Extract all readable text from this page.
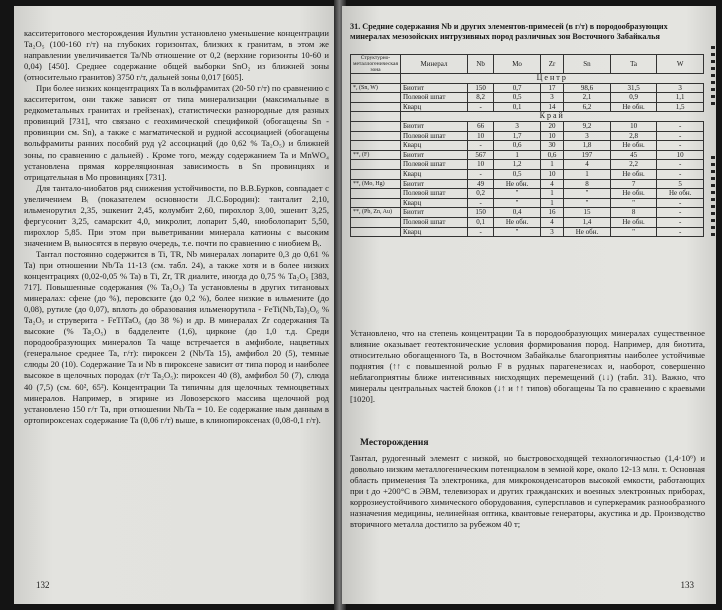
касситеритового месторождения Иультин установлено уменьшение концентрации Ta₂O₅ (100-160 г/т) на глубоких горизонтах, близких к гранитам, в этом же направлении увеличивается Ta/Nb отношение от 0,2 (верхние горизонты 10-60 и 0,04) [450]. Среднее содержание общей выборки SnO₂ из ближней зоны (относительно гранитов) 3750 г/т, дальней зоны 0,017 [605].

При более низких концентрациях Ta в вольфрамитах (20-50 г/т) по сравнению с касситеритом, они также зависят от типа минерализации (максимальные в редкометальных гранитах и грейзенах), статистически разнородные для разных провинций [731], что связано с геохимической спецификой (обогащены Sn - провинции см. Sn), а также с магматической и рудной ассоциацией (обогащены вольфрамиты ранних пособий руд γ2 ассоциаций (до 0,62 % Ta₂O₅) и ближней зоны, по сравнению с дальней) . Кроме того, между содержанием Ta и MnWO₄ установлена прямая корреляционная зависимость в Sn провинциях и отрицательная в Mo провинциях [731].

Для тантало-ниобатов ряд снижения устойчивости, по В.В.Бурков, совпадает с увеличением Bᵢ (показателем основности Л.С.Бородин): танталит 2,10, ильменорутил 2,35, эшкенит 2,45, колумбит 2,60, пирохлор 3,00, эшенит 3,25, фергусонит 3,25, самарскит 4,0, микролит, лопарит 5,40, ниоболопарит 5,50, пирохлор 5,85. При этом при выветривании минерала катионы с высоким значением Bᵢ выносятся в первую очередь, т.е. почти по сравнению с ниобием Bᵢ.

Тантал постоянно содержится в Ti, TR, Nb минералах лопарите 0,3 до 0,61 % Ta) при отношении Nb/Ta 11-13 (см. табл. 24), а также хотя и в более низких концентрациях (0,02-0,05 % Ta) в Ti, Zr, TR диалите, иногда до 0,75 % Ta₂O₅ [383, 717]. Повышенные содержания (% Ta₂O₅) Ta установлены в других титановых минералах: сфене (до %), перовските (до 0,2 %), более низкие в ильмените (до 0,08), рутиле (до 0,07), вплоть до образования ильменорутила - FeTi(Nb,Ta)₂O₆ % Ta₂O₅ и струверита - FeTiTaO₆ (до 38 %) и др. В минералах Zr содержания Ta высокие (% Ta₂O₅) в бадделеите (1,6), цирконе (до 1,0 т.д. Среди породообразующих минералов Ta чаще встречается в амфиболе, нацветных (генеральное среднее Ta, г/т): пироксен 2 (Nb/Ta 15), амфибол 20 (5), темные слюды 20 (10). Содержание Ta и Nb в пироксене зависит от типа пород и наиболее высокое в щелочных породах (г/т Ta₂O₅): пироксен 40 (8), амфибол 50 (7), слюда 40 (7,5) (см. 60², 65²). Концентрации Ta типичны для щелочных темноцветных минералов. Например, в эгирине из Ловозерского массива щелочной род установлено 150 г/т Ta, при отношении Nb/Ta = 10. Ее содержание ным данным в ортопироксенах содержание Ta (0,06 г/т) выше, в клинопироксенах (0,08-0,1 г/т).

132
31. Средние содержания Nb и других элементов-примесей (в г/т) в породообразующих минералах мезозойских интрузивных пород различных зон Восточного Забайкалья
Структурно-металлогеническая зона	Минерал	Nb	Mo	Zr	Sn	Ta	W
	Центр						
*, (Sn, W)	Биотит	150	0,7	17	98,6	31,5	3
	Полевой шпат	8,2	0,5	3	2,1	0,9	1,1
	Кварц	-	0,1	14	6,2	Не обн.	1,5
	Край						
	Биотит	66	3	20	9,2	10	-
	Полевой шпат	10	1,7	10	3	2,8	-
	Кварц	-	0,6	30	1,8	Не обн.	-
**, (F)	Биотит	567	1	0,6	197	45	10
	Полевой шпат	10	1,2	1	4	2,2	-
	Кварц	-	0,5	10	1	Не обн.	-
**, (Mo, Hg)	Биотит	49	Не обн.	4	8	7	5
	Полевой шпат	0,2	"	1	"	Не обн.	Не обн.
	Кварц	-	"	1	"	"	-
**, (Pb, Zn, Au)	Биотит	150	0,4	16	15	8	-
	Полевой шпат	0,1	Не обн.	4	1,4	Не обн.	-
	Кварц	-	"	3	Не обн.	"	-
Установлено, что на степень концентрации Ta в породообразующих минералах существенное влияние оказывает геотектонические условия формирования пород. Например, для биотита, относительно обогащенного Ta, в Восточном Забайкалье благоприятны наиболее устойчивые поднятия (↑↑ с повышенной ролью F в рудных парагенезисах и, наоборот, совершенно неблагоприятны ближе интенсивных нисходящих перемещений (↓↓) (табл. 31). Важно, что минералы центральных частей блоков (↓↑ и ↑↑ типов) обогащены Ta по сравнению с краевыми [1020].
Месторождения
Тантал, рудогенный элемент с низкой, но быстровосходящей технологичностью (1,4·10⁶) и довольно низким металлогеническим потенциалом в земной коре, около 12-13 млн. т. Основная область применения Ta электроника, для микроконденсаторов высокой емкости, работающих при t до +200°C в ЭВМ, телевизорах и других гражданских и военных электронных приборах, коррозиеустойчивого химического оборудования, суперсплавов и суперкерамик разнообразного назначения медицины, нелинейная оптика, квантовые генераторы, акустика и др. Производство вторичного металла достигло за рубежом 40 т;
133
